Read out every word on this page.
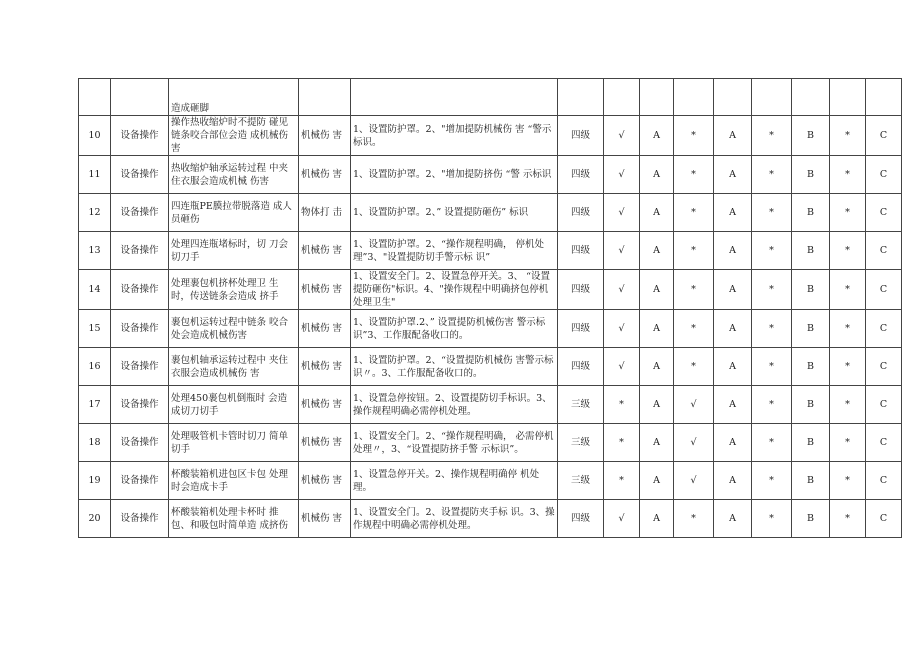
		造成砸脚											
10	设备操作	操作热收缩炉时不提防 碰见链条咬合部位会造 成机械伤害	机械伤 害	1、设置防护罩。2、"增加提防机械伤 害 “警示标识。	四级	√	A	*	A	*	B	*	C
11	设备操作	热收缩炉轴承运转过程 中夹住衣服会造成机械 伤害	机械伤 害	1、设置防护罩。2、"增加提防挤伤 “警 示标识	四级	√	A	*	A	*	B	*	C
12	设备操作	四连瓶PE膜拉带脱落造 成人员砸伤	物体打 击	1、设置防护罩。2、” 设置提防砸伤” 标识	四级	√	A	*	A	*	B	*	C
13	设备操作	处理四连瓶堵标时，切 刀会切刀手	机械伤 害	1、设置防护罩。2、“操作规程明确， 停机处理”3、"设置提防切手警示标 识”	四级	√	A	*	A	*	B	*	C
14	设备操作	处理裹包机挤杯处理卫 生时，传送链条会造成 挤手	机械伤 害	1、设置安全门。2、设置急停开关。3、 “设置提防砸伤"标识。4、"操作规程中明确挤包停机处理卫生"	四级	√	A	*	A	*	B	*	C
15	设备操作	裹包机运转过程中链条 咬合处会造成机械伤害	机械伤 害	1、设置防护罩.2、” 设置提防机械伤害 警示标识”3、工作服配备收口的。	四级	√	A	*	A	*	B	*	C
16	设备操作	裹包机轴承运转过程中 夹住衣服会造成机械伤 害	机械伤 害	1、设置防护罩。2、“设置提防机械伤 害警示标识〃。3、工作服配备收口的。	四级	√	A	*	A	*	B	*	C
17	设备操作	处理450裹包机倒瓶时 会造成切刀切手	机械伤 害	1、设置急停按钮。2、设置提防切手标识。3、操作规程明确必需停机处理。	三级	*	A	√	A	*	B	*	C
18	设备操作	处理吸管机卡管时切刀 简单切手	机械伤 害	1、设置安全门。2、“操作规程明确， 必需停机处理〃，3、“设置提防挤手警 示标识”。	三级	*	A	√	A	*	B	*	C
19	设备操作	杯酸装箱机进包区卡包 处理时会造成卡手	机械伤 害	1、设置急停开关。2、操作规程明确停 机处理。	三级	*	A	√	A	*	B	*	C
20	设备操作	杯酸装箱机处理卡杯时 推包、和吸包时简单造 成挤伤	机械伤 害	1、设置安全门。2、设置提防夹手标 识。3、操作规程中明确必需停机处理。	四级	√	A	*	A	*	B	*	C
